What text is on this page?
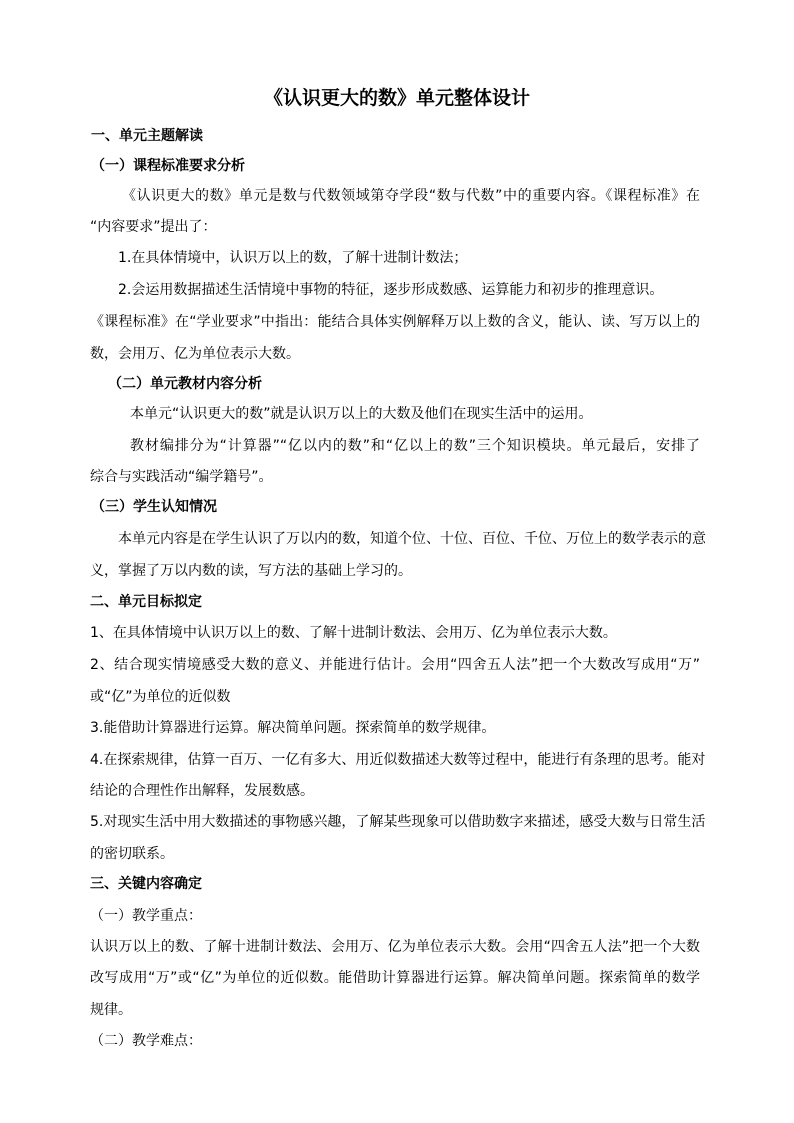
《认识更大的数》单元整体设计
一、单元主题解读
（一）课程标准要求分析
《认识更大的数》单元是数与代数领域第夺学段“数与代数”中的重要内容。《课程标准》在
“内容要求”提出了：
1.在具体情境中，认识万以上的数，了解十进制计数法；
2.会运用数据描述生活情境中事物的特征，逐步形成数感、运算能力和初步的推理意识。
《课程标准》在“学业要求”中指出：能结合具体实例解释万以上数的含义，能认、读、写万以上的
数，会用万、亿为单位表示大数。
（二）单元教材内容分析
本单元“认识更大的数”就是认识万以上的大数及他们在现实生活中的运用。
教材编排分为“计算器”“亿以内的数”和“亿以上的数”三个知识模块。单元最后，安排了
综合与实践活动“编学籍号”。
（三）学生认知情况
本单元内容是在学生认识了万以内的数，知道个位、十位、百位、千位、万位上的数学表示的意
义，掌握了万以内数的读，写方法的基础上学习的。
二、单元目标拟定
1、在具体情境中认识万以上的数、了解十进制计数法、会用万、亿为单位表示大数。
2、结合现实情境感受大数的意义、并能进行估计。会用“四舍五人法”把一个大数改写成用“万”
或“亿”为单位的近似数
3.能借助计算器进行运算。解决简单问题。探索简单的数学规律。
4.在探索规律，估算一百万、一亿有多大、用近似数描述大数等过程中，能进行有条理的思考。能对
结论的合理性作出解释，发展数感。
5.对现实生活中用大数描述的事物感兴趣，了解某些现象可以借助数字来描述，感受大数与日常生活
的密切联系。
三、关键内容确定
（一）教学重点：
认识万以上的数、了解十进制计数法、会用万、亿为单位表示大数。会用“四舍五人法”把一个大数
改写成用“万”或“亿”为单位的近似数。能借助计算器进行运算。解决简单问题。探索简单的数学
规律。
（二）教学难点：
